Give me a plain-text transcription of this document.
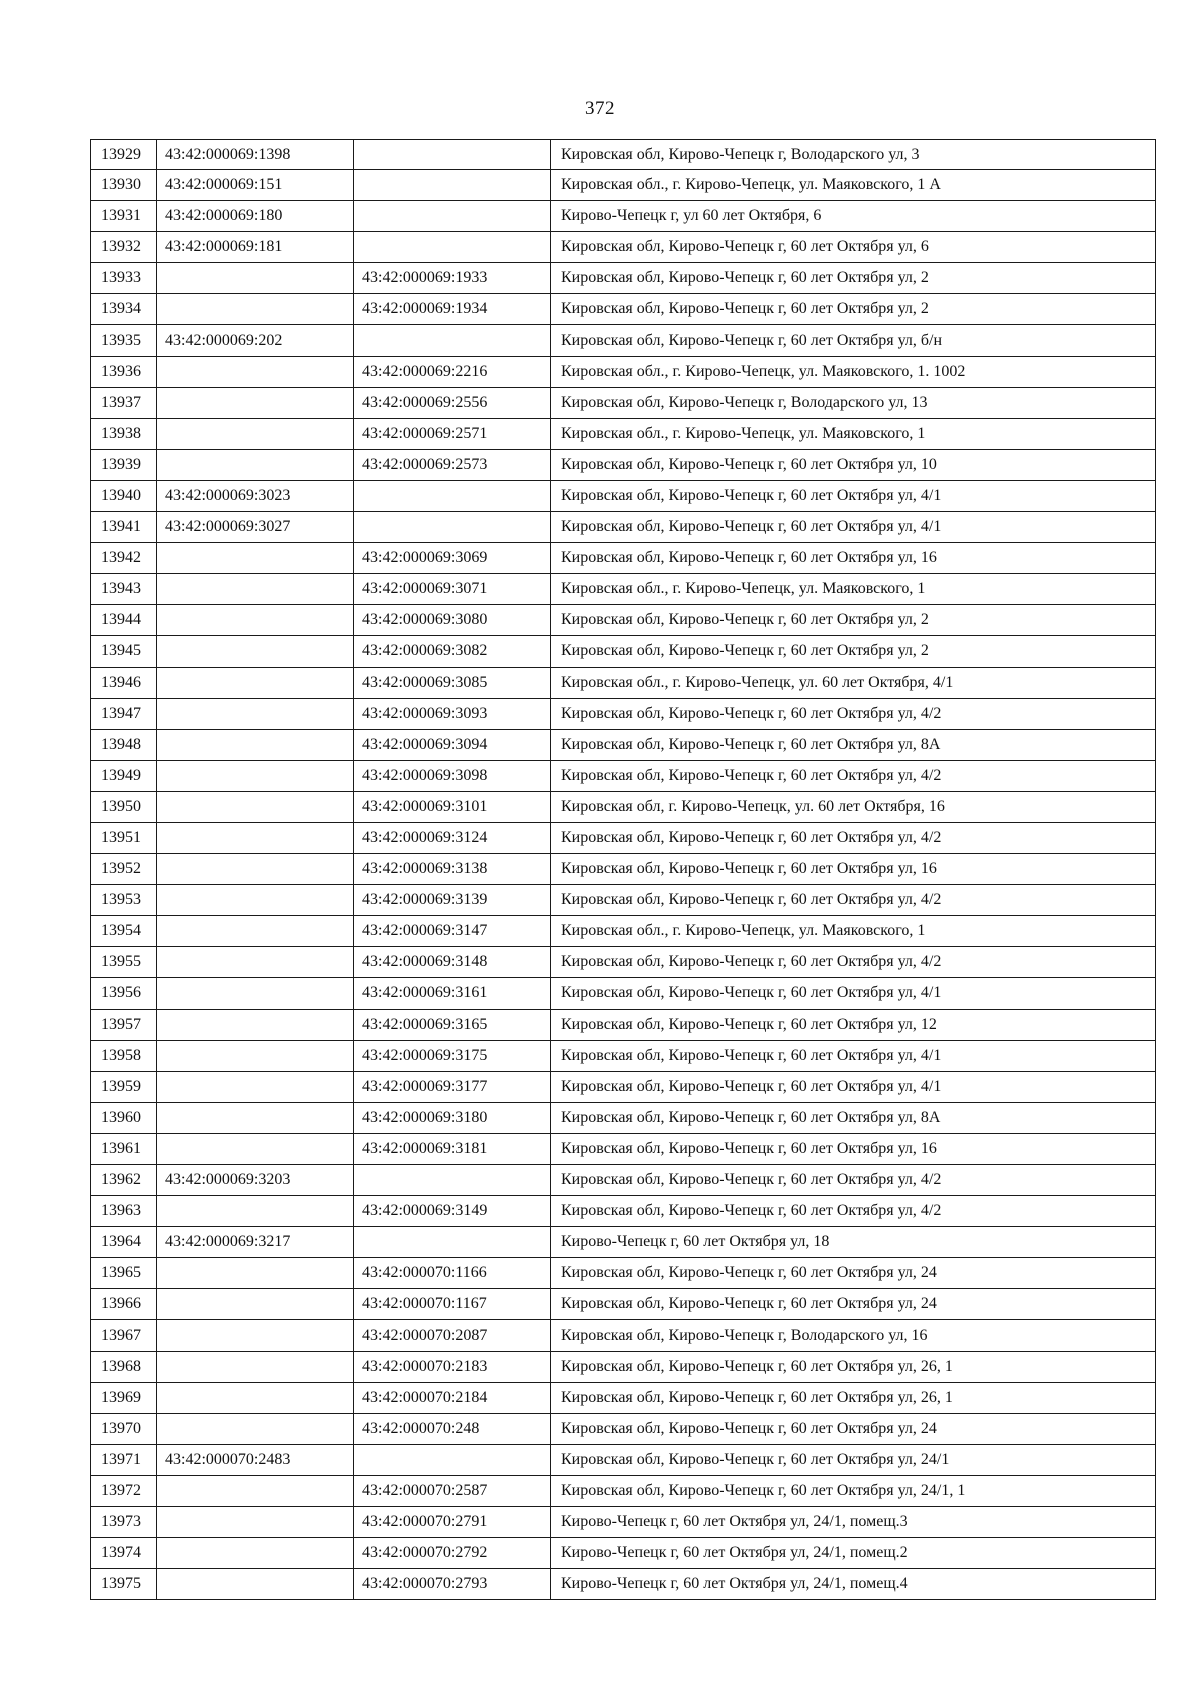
372
13929	43:42:000069:1398		Кировская обл, Кирово-Чепецк г, Володарского ул, 3
13930	43:42:000069:151		Кировская обл., г. Кирово-Чепецк, ул. Маяковского, 1 А
13931	43:42:000069:180		Кирово-Чепецк г, ул 60 лет Октября, 6
13932	43:42:000069:181		Кировская обл, Кирово-Чепецк г, 60 лет Октября ул, 6
13933		43:42:000069:1933	Кировская обл, Кирово-Чепецк г, 60 лет Октября ул, 2
13934		43:42:000069:1934	Кировская обл, Кирово-Чепецк г, 60 лет Октября ул, 2
13935	43:42:000069:202		Кировская обл, Кирово-Чепецк г, 60 лет Октября ул, б/н
13936		43:42:000069:2216	Кировская обл., г. Кирово-Чепецк, ул. Маяковского, 1. 1002
13937		43:42:000069:2556	Кировская обл, Кирово-Чепецк г, Володарского ул, 13
13938		43:42:000069:2571	Кировская обл., г. Кирово-Чепецк, ул. Маяковского, 1
13939		43:42:000069:2573	Кировская обл, Кирово-Чепецк г, 60 лет Октября ул, 10
13940	43:42:000069:3023		Кировская обл, Кирово-Чепецк г, 60 лет Октября ул, 4/1
13941	43:42:000069:3027		Кировская обл, Кирово-Чепецк г, 60 лет Октября ул, 4/1
13942		43:42:000069:3069	Кировская обл, Кирово-Чепецк г, 60 лет Октября ул, 16
13943		43:42:000069:3071	Кировская обл., г. Кирово-Чепецк, ул. Маяковского, 1
13944		43:42:000069:3080	Кировская обл, Кирово-Чепецк г, 60 лет Октября ул, 2
13945		43:42:000069:3082	Кировская обл, Кирово-Чепецк г, 60 лет Октября ул, 2
13946		43:42:000069:3085	Кировская обл., г. Кирово-Чепецк, ул. 60 лет Октября, 4/1
13947		43:42:000069:3093	Кировская обл, Кирово-Чепецк г, 60 лет Октября ул, 4/2
13948		43:42:000069:3094	Кировская обл, Кирово-Чепецк г, 60 лет Октября ул, 8А
13949		43:42:000069:3098	Кировская обл, Кирово-Чепецк г, 60 лет Октября ул, 4/2
13950		43:42:000069:3101	Кировская обл, г. Кирово-Чепецк, ул. 60 лет Октября, 16
13951		43:42:000069:3124	Кировская обл, Кирово-Чепецк г, 60 лет Октября ул, 4/2
13952		43:42:000069:3138	Кировская обл, Кирово-Чепецк г, 60 лет Октября ул, 16
13953		43:42:000069:3139	Кировская обл, Кирово-Чепецк г, 60 лет Октября ул, 4/2
13954		43:42:000069:3147	Кировская обл., г. Кирово-Чепецк, ул. Маяковского, 1
13955		43:42:000069:3148	Кировская обл, Кирово-Чепецк г, 60 лет Октября ул, 4/2
13956		43:42:000069:3161	Кировская обл, Кирово-Чепецк г, 60 лет Октября ул, 4/1
13957		43:42:000069:3165	Кировская обл, Кирово-Чепецк г, 60 лет Октября ул, 12
13958		43:42:000069:3175	Кировская обл, Кирово-Чепецк г, 60 лет Октября ул, 4/1
13959		43:42:000069:3177	Кировская обл, Кирово-Чепецк г, 60 лет Октября ул, 4/1
13960		43:42:000069:3180	Кировская обл, Кирово-Чепецк г, 60 лет Октября ул, 8А
13961		43:42:000069:3181	Кировская обл, Кирово-Чепецк г, 60 лет Октября ул, 16
13962	43:42:000069:3203		Кировская обл, Кирово-Чепецк г, 60 лет Октября ул, 4/2
13963		43:42:000069:3149	Кировская обл, Кирово-Чепецк г, 60 лет Октября ул, 4/2
13964	43:42:000069:3217		Кирово-Чепецк г, 60 лет Октября ул, 18
13965		43:42:000070:1166	Кировская обл, Кирово-Чепецк г, 60 лет Октября ул, 24
13966		43:42:000070:1167	Кировская обл, Кирово-Чепецк г, 60 лет Октября ул, 24
13967		43:42:000070:2087	Кировская обл, Кирово-Чепецк г, Володарского ул, 16
13968		43:42:000070:2183	Кировская обл, Кирово-Чепецк г, 60 лет Октября ул, 26, 1
13969		43:42:000070:2184	Кировская обл, Кирово-Чепецк г, 60 лет Октября ул, 26, 1
13970		43:42:000070:248	Кировская обл, Кирово-Чепецк г, 60 лет Октября ул, 24
13971	43:42:000070:2483		Кировская обл, Кирово-Чепецк г, 60 лет Октября ул, 24/1
13972		43:42:000070:2587	Кировская обл, Кирово-Чепецк г, 60 лет Октября ул, 24/1, 1
13973		43:42:000070:2791	Кирово-Чепецк г, 60 лет Октября ул, 24/1, помещ.3
13974		43:42:000070:2792	Кирово-Чепецк г, 60 лет Октября ул, 24/1, помещ.2
13975		43:42:000070:2793	Кирово-Чепецк г, 60 лет Октября ул, 24/1, помещ.4
